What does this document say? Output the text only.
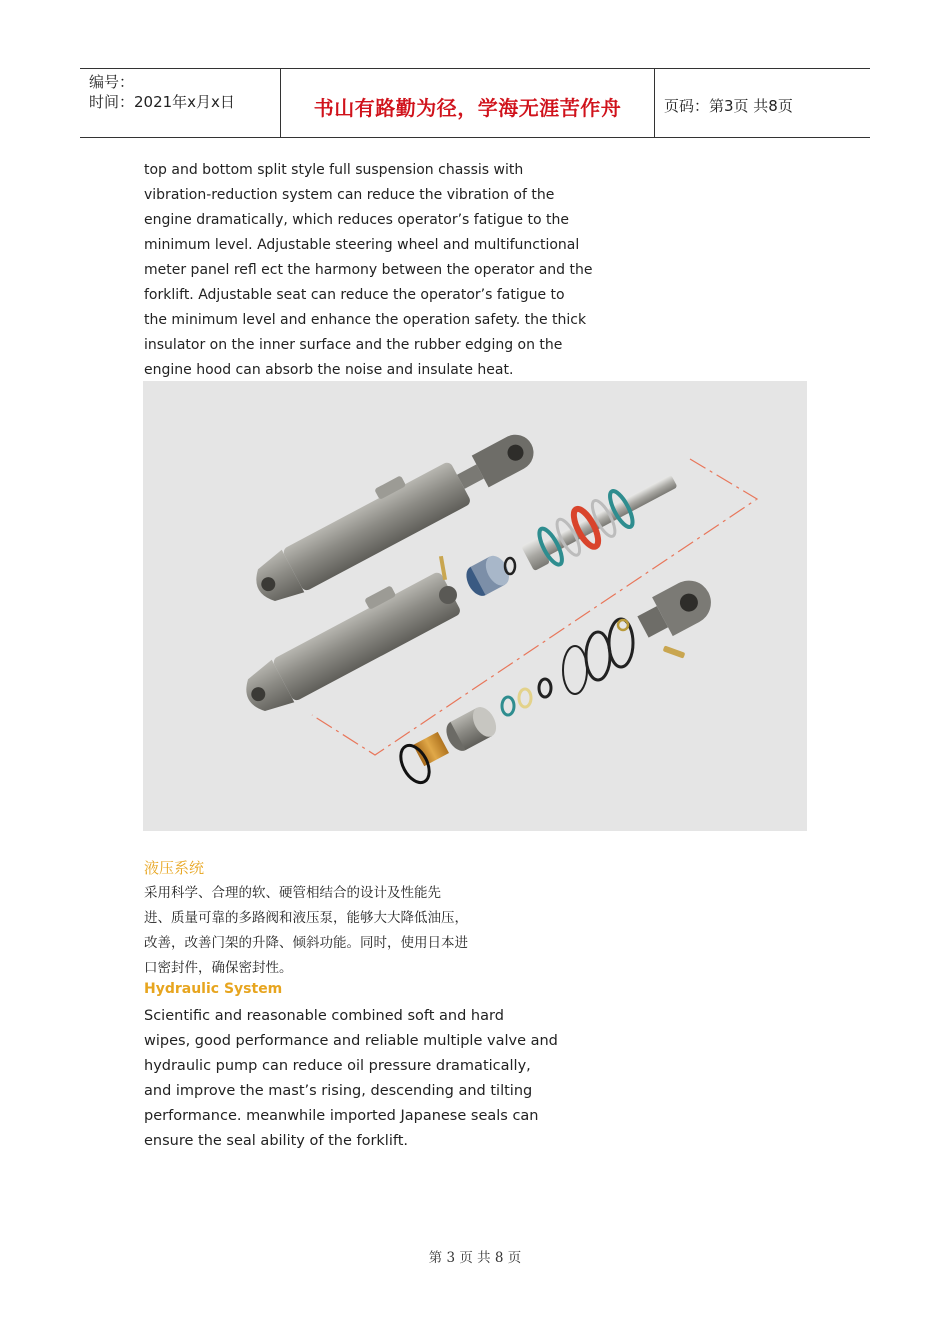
编号：
时间：2021年x月x日	书山有路勤为径，学海无涯苦作舟	页码：第3页 共8页
top and bottom split style full suspension chassis with
vibration-reduction system can reduce the vibration of the
engine dramatically, which reduces operator’s fatigue to the
minimum level. Adjustable steering wheel and multifunctional
meter panel refl ect the harmony between the operator and the
forklift. Adjustable seat can reduce the operator’s fatigue to
the minimum level and enhance the operation safety. the thick
insulator on the inner surface and the rubber edging on the
engine hood can absorb the noise and insulate heat.
液压系统
采用科学、合理的软、硬管相结合的设计及性能先
进、质量可靠的多路阀和液压泵，能够大大降低油压，
改善，改善门架的升降、倾斜功能。同时，使用日本进
口密封件，确保密封性。
Hydraulic System
Scientific and reasonable combined soft and hard
wipes, good performance and reliable multiple valve and
hydraulic pump can reduce oil pressure dramatically,
and improve the mast’s rising, descending and tilting
performance. meanwhile imported Japanese seals can
ensure the seal ability of the forklift.
第 3 页 共 8 页
